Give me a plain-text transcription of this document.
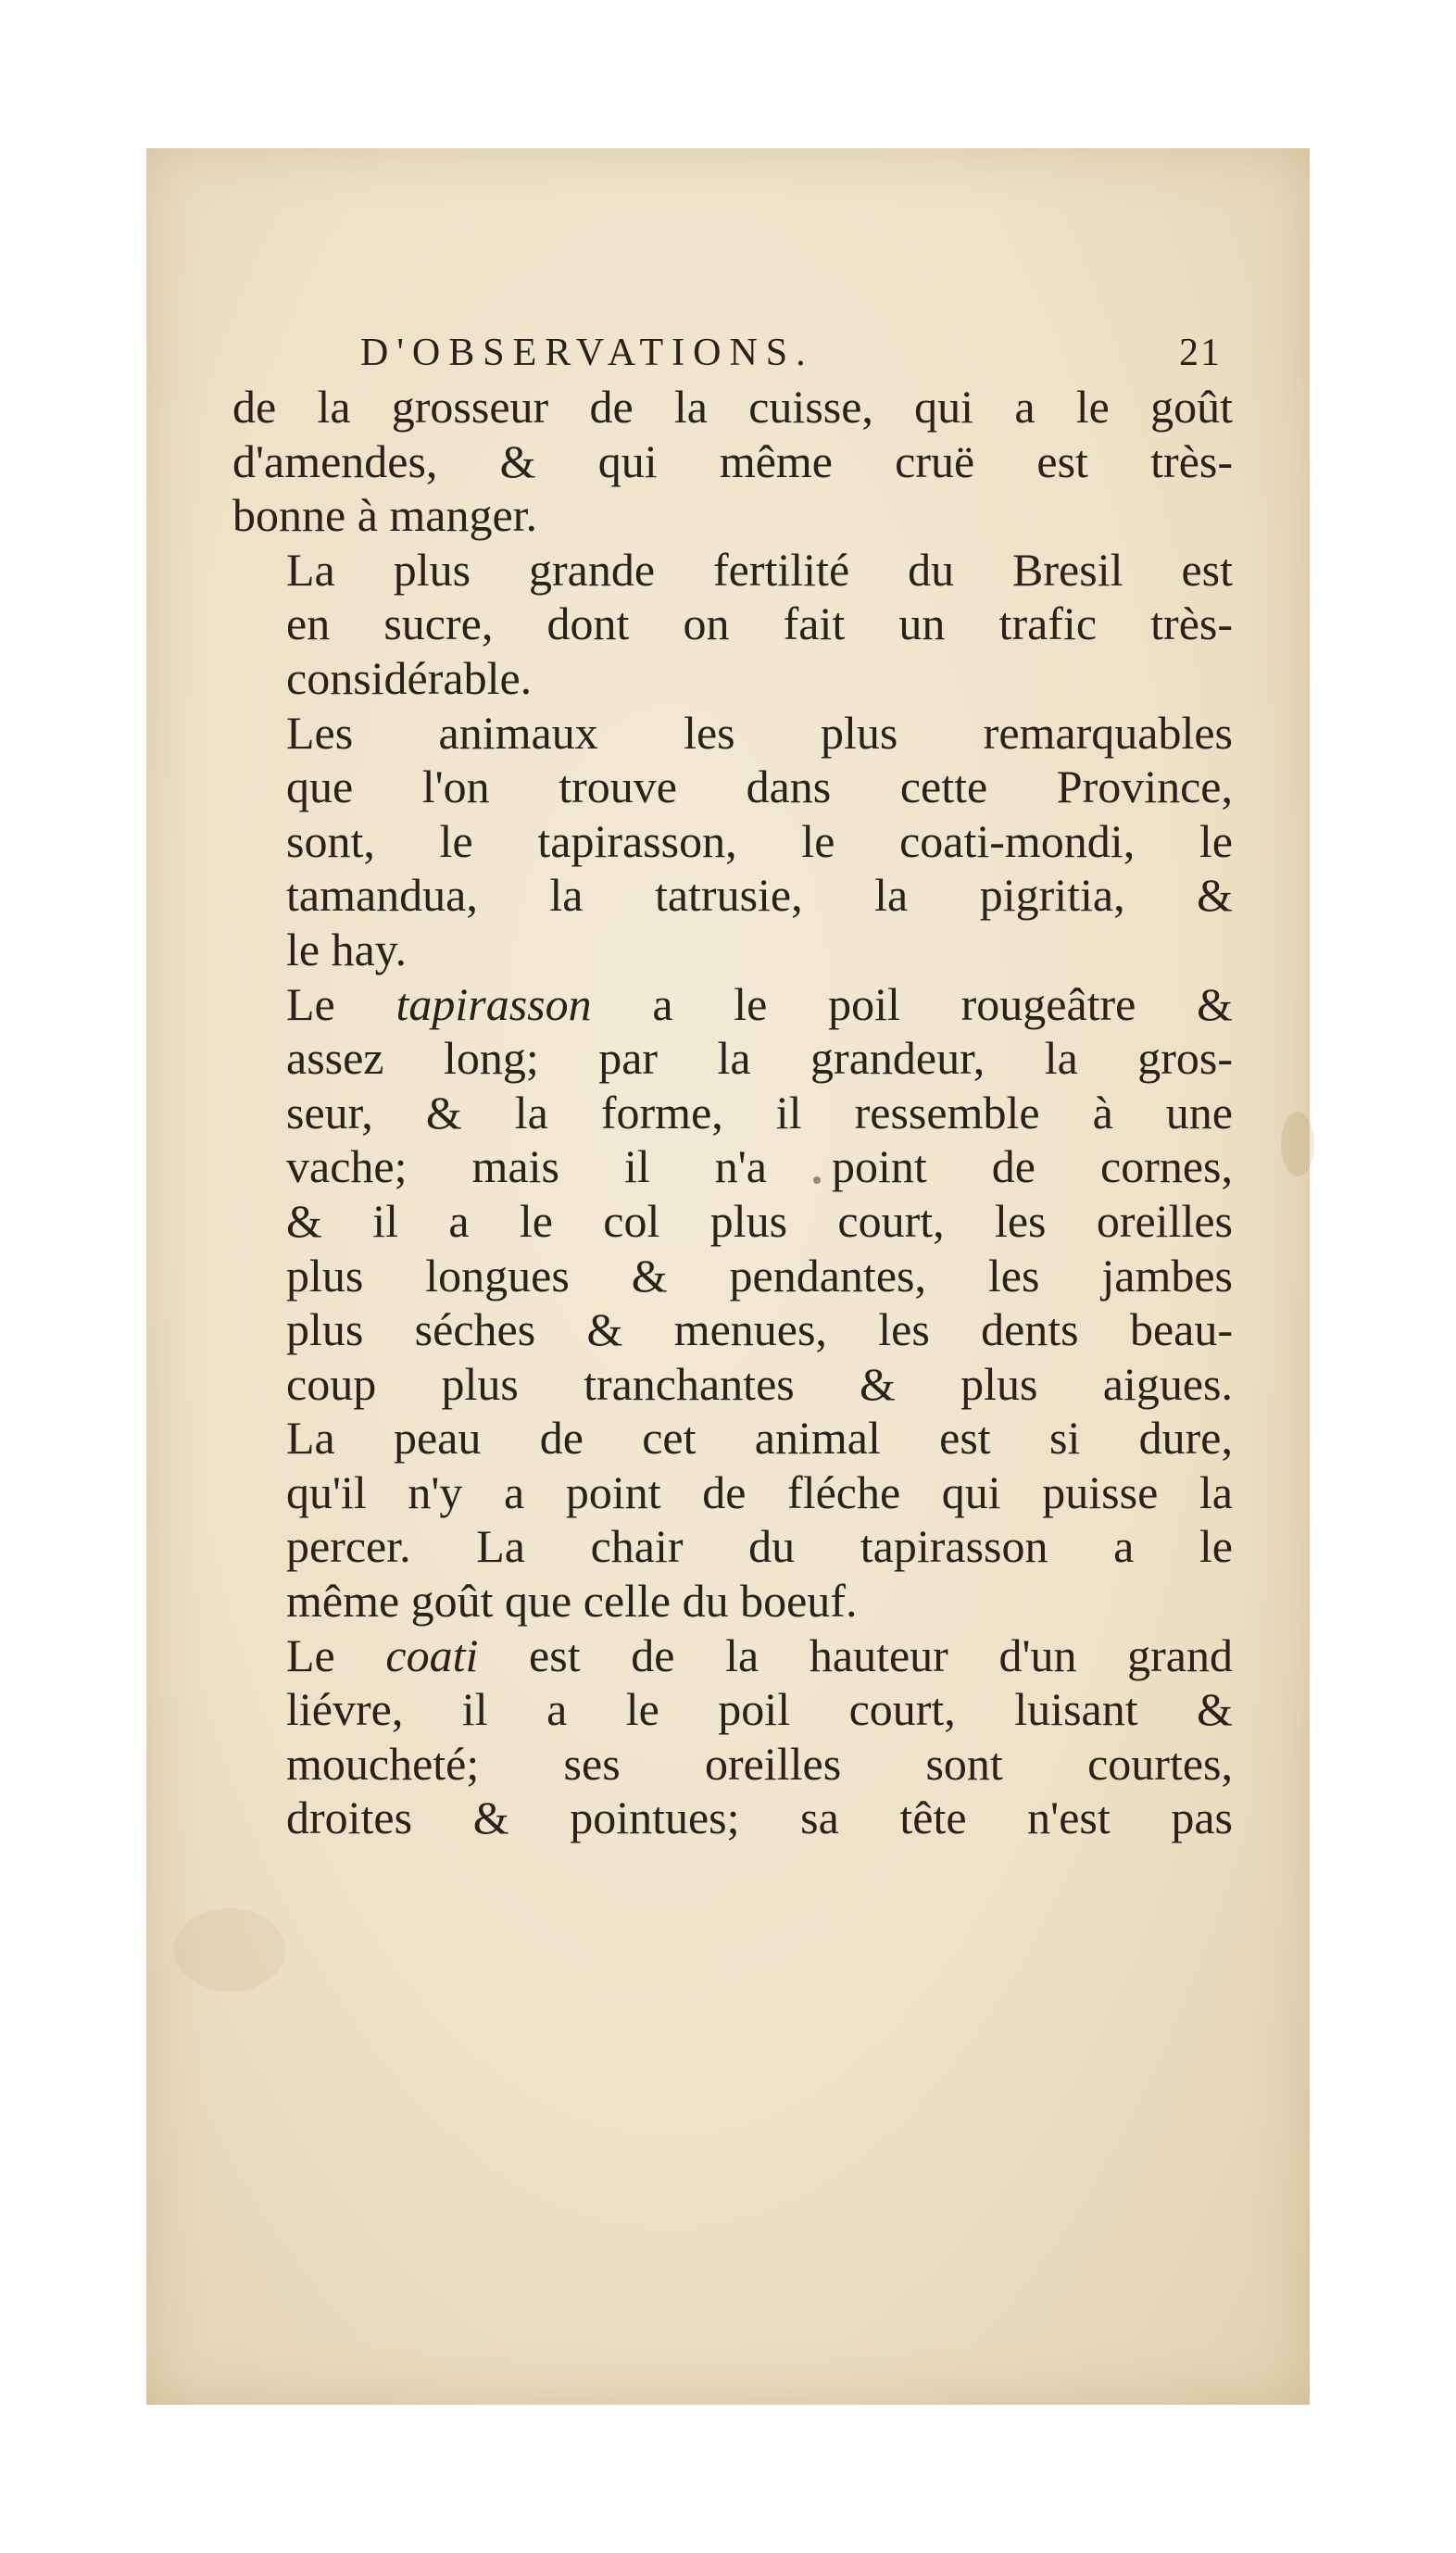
D'OBSERVATIONS.	21

de la grosseur de la cuisse, qui a le goût
d'amendes, & qui même cruë est très-
bonne à manger.

La plus grande fertilité du Bresil est
en sucre, dont on fait un trafic très-
considérable.

Les animaux les plus remarquables
que l'on trouve dans cette Province,
sont, le tapirasson, le coati-mondi, le
tamandua, la tatrusie, la pigritia, &
le hay.

Le tapirasson a le poil rougeâtre &
assez long; par la grandeur, la gros-
seur, & la forme, il ressemble à une
vache; mais il n'a point de cornes,
& il a le col plus court, les oreilles
plus longues & pendantes, les jambes
plus séches & menues, les dents beau-
coup plus tranchantes & plus aigues.
La peau de cet animal est si dure,
qu'il n'y a point de fléche qui puisse la
percer. La chair du tapirasson a le
même goût que celle du boeuf.

Le coati est de la hauteur d'un grand
liévre, il a le poil court, luisant &
moucheté; ses oreilles sont courtes,
droites & pointues; sa tête n'est pas
